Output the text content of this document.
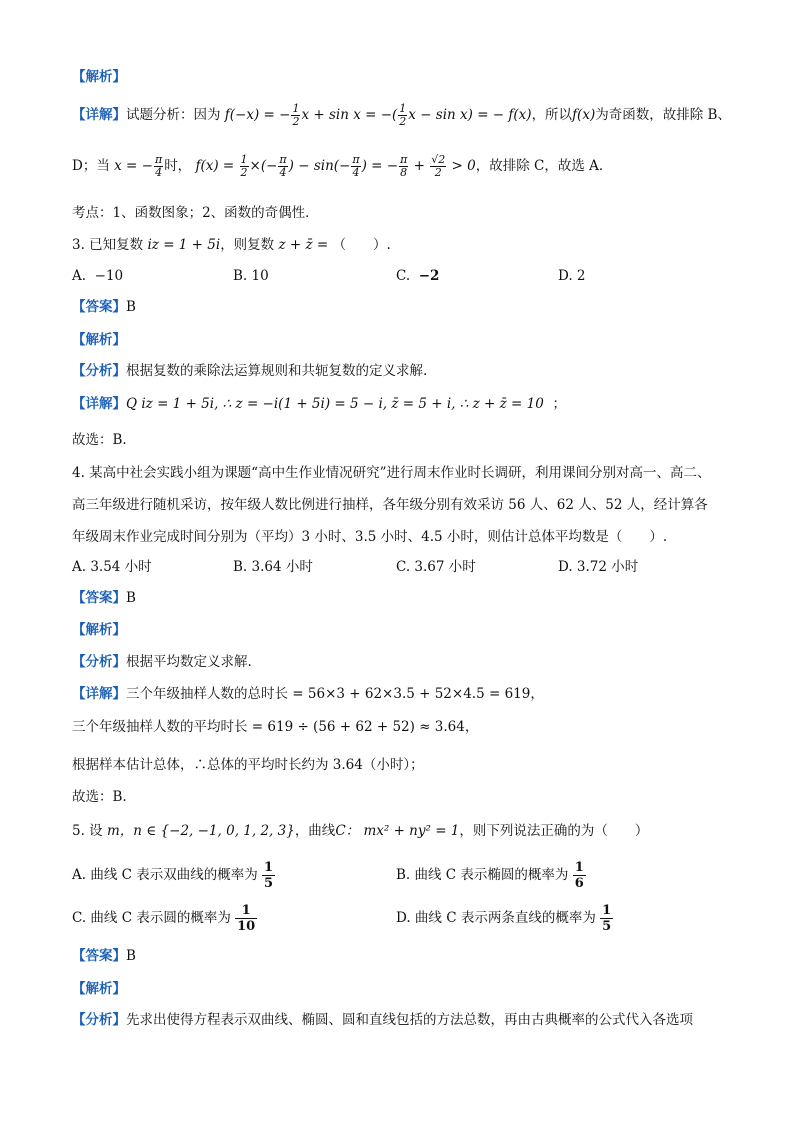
【解析】
【详解】试题分析：因为 f(−x) = − $\frac{1}{2}$ x + sin x = −( $\frac{1}{2}$ x − sin x) = − f(x)，所以f(x)为奇函数，故排除 B、
D；当 x = − $\frac{\pi}{4}$ 时， $f(x) = \frac{1}{2}$ ×(− $\frac{\pi}{4}$ ) − $\sin(- \frac{\pi}{4}$ ) = − $\frac{\pi}{8} + \frac{√2}{2} > 0$，故排除 C，故选 A．
考点：1、函数图象；2、函数的奇偶性．
3. 已知复数 iz = 1 + 5i，则复数 z + z̄ = （　　）.
A. −10	B. 10	C. −2	D. 2
【答案】B
【解析】
【分析】根据复数的乘除法运算规则和共轭复数的定义求解.
【详解】Q iz = 1 + 5i, ∴ z = −i(1 + 5i) = 5 − i, z̄ = 5 + i, ∴ z + z̄ = 10 ；
故选：B.
4. 某高中社会实践小组为课题“高中生作业情况研究”进行周末作业时长调研，利用课间分别对高一、高二、
高三年级进行随机采访，按年级人数比例进行抽样，各年级分别有效采访 56 人、62 人、52 人，经计算各
年级周末作业完成时间分别为（平均）3 小时、3.5 小时、4.5 小时，则估计总体平均数是（　　）.
A. 3.54 小时	B. 3.64 小时	C. 3.67 小时	D. 3.72 小时
【答案】B
【解析】
【分析】根据平均数定义求解.
【详解】三个年级抽样人数的总时长 = 56×3 + 62×3.5 + 52×4.5 = 619，
三个年级抽样人数的平均时长 = 619 ÷ (56 + 62 + 52) ≈ 3.64，
根据样本估计总体，∴总体的平均时长约为 3.64（小时）；
故选：B.
5. 设 m，n ∈ {−2, −1, 0, 1, 2, 3}，曲线C： mx² + ny² = 1，则下列说法正确的为（　　）
A. 曲线 C 表示双曲线的概率为 $\frac{1}{5}$	B. 曲线 C 表示椭圆的概率为 $\frac{1}{6}$
C. 曲线 C 表示圆的概率为 $\frac{1}{10}$	D. 曲线 C 表示两条直线的概率为 $\frac{1}{5}$
【答案】B
【解析】
【分析】先求出使得方程表示双曲线、椭圆、圆和直线包括的方法总数，再由古典概率的公式代入各选项
